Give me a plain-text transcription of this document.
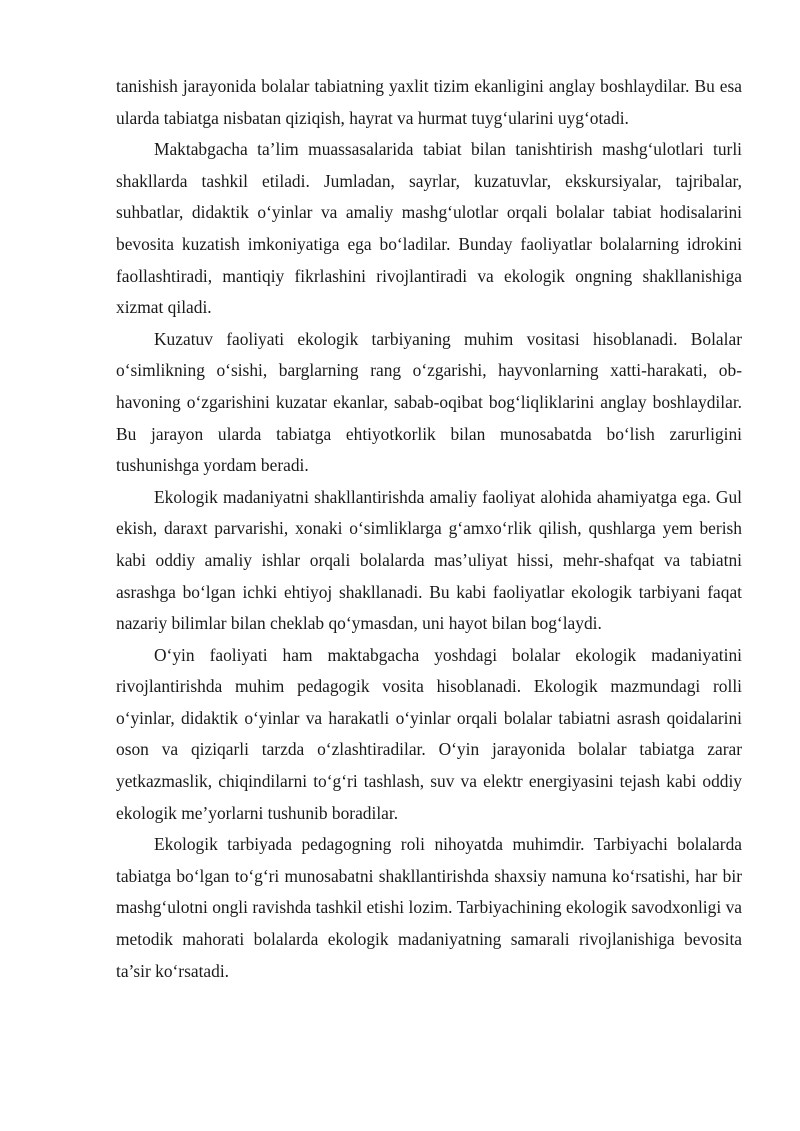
tanishish jarayonida bolalar tabiatning yaxlit tizim ekanligini anglay boshlaydilar. Bu esa ularda tabiatga nisbatan qiziqish, hayrat va hurmat tuyg‘ularini uyg‘otadi.

Maktabgacha ta’lim muassasalarida tabiat bilan tanishtirish mashg‘ulotlari turli shakllarda tashkil etiladi. Jumladan, sayrlar, kuzatuvlar, ekskursiyalar, tajribalar, suhbatlar, didaktik o‘yinlar va amaliy mashg‘ulotlar orqali bolalar tabiat hodisalarini bevosita kuzatish imkoniyatiga ega bo‘ladilar. Bunday faoliyatlar bolalarning idrokini faollashtiradi, mantiqiy fikrlashini rivojlantiradi va ekologik ongning shakllanishiga xizmat qiladi.

Kuzatuv faoliyati ekologik tarbiyaning muhim vositasi hisoblanadi. Bolalar o‘simlikning o‘sishi, barglarning rang o‘zgarishi, hayvonlarning xatti-harakati, ob-havoning o‘zgarishini kuzatar ekanlar, sabab-oqibat bog‘liqliklarini anglay boshlaydilar. Bu jarayon ularda tabiatga ehtiyotkorlik bilan munosabatda bo‘lish zarurligini tushunishga yordam beradi.

Ekologik madaniyatni shakllantirishda amaliy faoliyat alohida ahamiyatga ega. Gul ekish, daraxt parvarishi, xonaki o‘simliklarga g‘amxo‘rlik qilish, qushlarga yem berish kabi oddiy amaliy ishlar orqali bolalarda mas’uliyat hissi, mehr-shafqat va tabiatni asrashga bo‘lgan ichki ehtiyoj shakllanadi. Bu kabi faoliyatlar ekologik tarbiyani faqat nazariy bilimlar bilan cheklab qo‘ymasdan, uni hayot bilan bog‘laydi.

O‘yin faoliyati ham maktabgacha yoshdagi bolalar ekologik madaniyatini rivojlantirishda muhim pedagogik vosita hisoblanadi. Ekologik mazmundagi rolli o‘yinlar, didaktik o‘yinlar va harakatli o‘yinlar orqali bolalar tabiatni asrash qoidalarini oson va qiziqarli tarzda o‘zlashtiradilar. O‘yin jarayonida bolalar tabiatga zarar yetkazmaslik, chiqindilarni to‘g‘ri tashlash, suv va elektr energiyasini tejash kabi oddiy ekologik me’yorlarni tushunib boradilar.

Ekologik tarbiyada pedagogning roli nihoyatda muhimdir. Tarbiyachi bolalarda tabiatga bo‘lgan to‘g‘ri munosabatni shakllantirishda shaxsiy namuna ko‘rsatishi, har bir mashg‘ulotni ongli ravishda tashkil etishi lozim. Tarbiyachining ekologik savodxonligi va metodik mahorati bolalarda ekologik madaniyatning samarali rivojlanishiga bevosita ta’sir ko‘rsatadi.
